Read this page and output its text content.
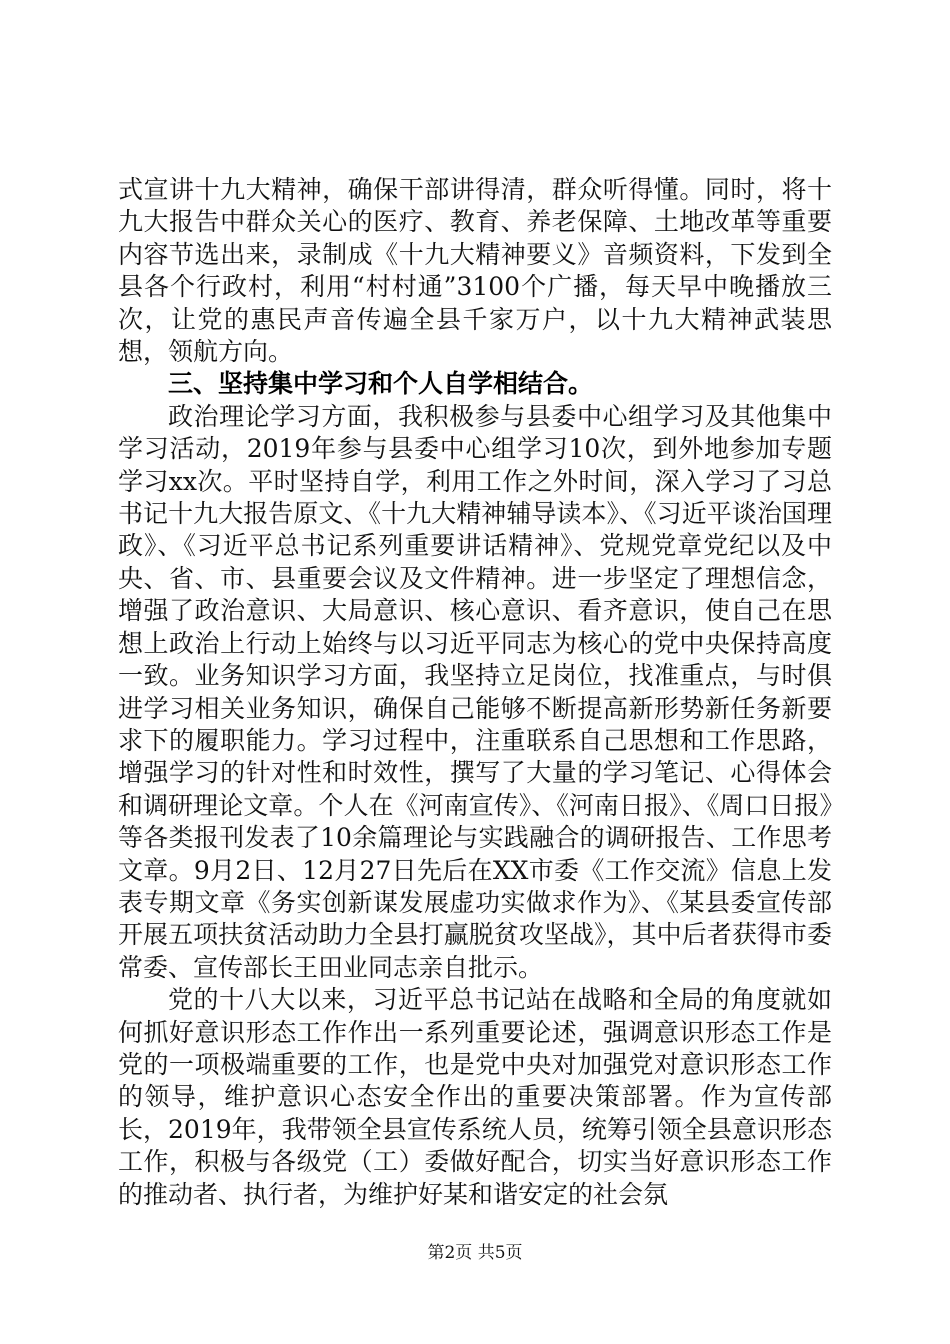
式宣讲十九大精神，确保干部讲得清，群众听得懂。同时，将十九大报告中群众关心的医疗、教育、养老保障、土地改革等重要内容节选出来，录制成《十九大精神要义》音频资料，下发到全县各个行政村，利用“村村通”3100个广播，每天早中晚播放三次，让党的惠民声音传遍全县千家万户，以十九大精神武装思想，领航方向。

三、坚持集中学习和个人自学相结合。

政治理论学习方面，我积极参与县委中心组学习及其他集中学习活动，2019年参与县委中心组学习10次，到外地参加专题学习xx次。平时坚持自学，利用工作之外时间，深入学习了习总书记十九大报告原文、《十九大精神辅导读本》、《习近平谈治国理政》、《习近平总书记系列重要讲话精神》、党规党章党纪以及中央、省、市、县重要会议及文件精神。进一步坚定了理想信念，增强了政治意识、大局意识、核心意识、看齐意识，使自己在思想上政治上行动上始终与以习近平同志为核心的党中央保持高度一致。业务知识学习方面，我坚持立足岗位，找准重点，与时俱进学习相关业务知识，确保自己能够不断提高新形势新任务新要求下的履职能力。学习过程中，注重联系自己思想和工作思路，增强学习的针对性和时效性，撰写了大量的学习笔记、心得体会和调研理论文章。个人在《河南宣传》、《河南日报》、《周口日报》等各类报刊发表了10余篇理论与实践融合的调研报告、工作思考文章。9月2日、12月27日先后在XX市委《工作交流》信息上发表专期文章《务实创新谋发展虚功实做求作为》、《某县委宣传部开展五项扶贫活动助力全县打赢脱贫攻坚战》，其中后者获得市委常委、宣传部长王田业同志亲自批示。

党的十八大以来，习近平总书记站在战略和全局的角度就如何抓好意识形态工作作出一系列重要论述，强调意识形态工作是党的一项极端重要的工作，也是党中央对加强党对意识形态工作的领导，维护意识心态安全作出的重要决策部署。作为宣传部长，2019年，我带领全县宣传系统人员，统筹引领全县意识形态工作，积极与各级党（工）委做好配合，切实当好意识形态工作的推动者、执行者，为维护好某和谐安定的社会氛

第2页 共5页
